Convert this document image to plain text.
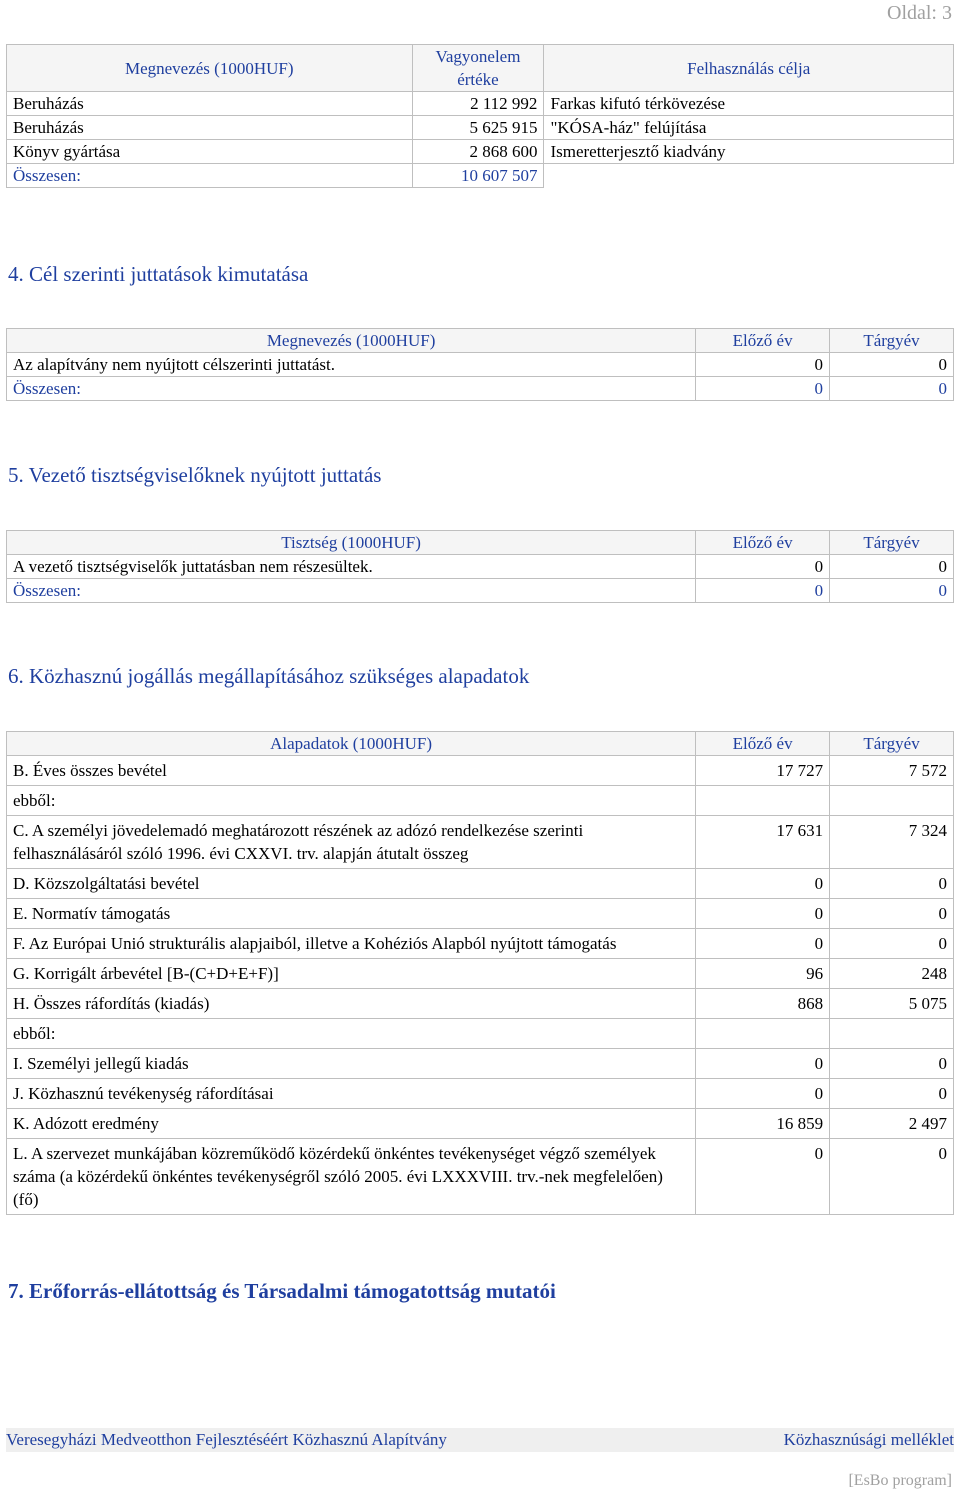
Oldal: 3
Megnevezés (1000HUF)	Vagyonelem értéke	Felhasználás célja
Beruházás	2 112 992	Farkas kifutó térkövezése
Beruházás	5 625 915	"KÓSA-ház" felújítása
Könyv gyártása	2 868 600	Ismeretterjesztő kiadvány
Összesen:	10 607 507	
4. Cél szerinti juttatások kimutatása
Megnevezés (1000HUF)	Előző év	Tárgyév
Az alapítvány nem nyújtott célszerinti juttatást.	0	0
Összesen:	0	0
5. Vezető tisztségviselőknek nyújtott juttatás
Tisztség (1000HUF)	Előző év	Tárgyév
A vezető tisztségviselők juttatásban nem részesültek.	0	0
Összesen:	0	0
6. Közhasznú jogállás megállapításához szükséges alapadatok
Alapadatok (1000HUF)	Előző év	Tárgyév
B. Éves összes bevétel	17 727	7 572
ebből:		
C. A személyi jövedelemadó meghatározott részének az adózó rendelkezése szerinti felhasználásáról szóló 1996. évi CXXVI. trv. alapján átutalt összeg	17 631	7 324
D. Közszolgáltatási bevétel	0	0
E. Normatív támogatás	0	0
F. Az Európai Unió strukturális alapjaiból, illetve a Kohéziós Alapból nyújtott támogatás	0	0
G. Korrigált árbevétel [B-(C+D+E+F)]	96	248
H. Összes ráfordítás (kiadás)	868	5 075
ebből:		
I. Személyi jellegű kiadás	0	0
J. Közhasznú tevékenység ráfordításai	0	0
K. Adózott eredmény	16 859	2 497
L. A szervezet munkájában közreműködő közérdekű önkéntes tevékenységet végző személyek száma (a közérdekű önkéntes tevékenységről szóló 2005. évi LXXXVIII. trv.-nek megfelelően) (fő)	0	0
7. Erőforrás-ellátottság és Társadalmi támogatottság mutatói
Veresegyházi Medveotthon Fejlesztéséért Közhasznú Alapítvány	Közhasznúsági melléklet
[EsBo program]
